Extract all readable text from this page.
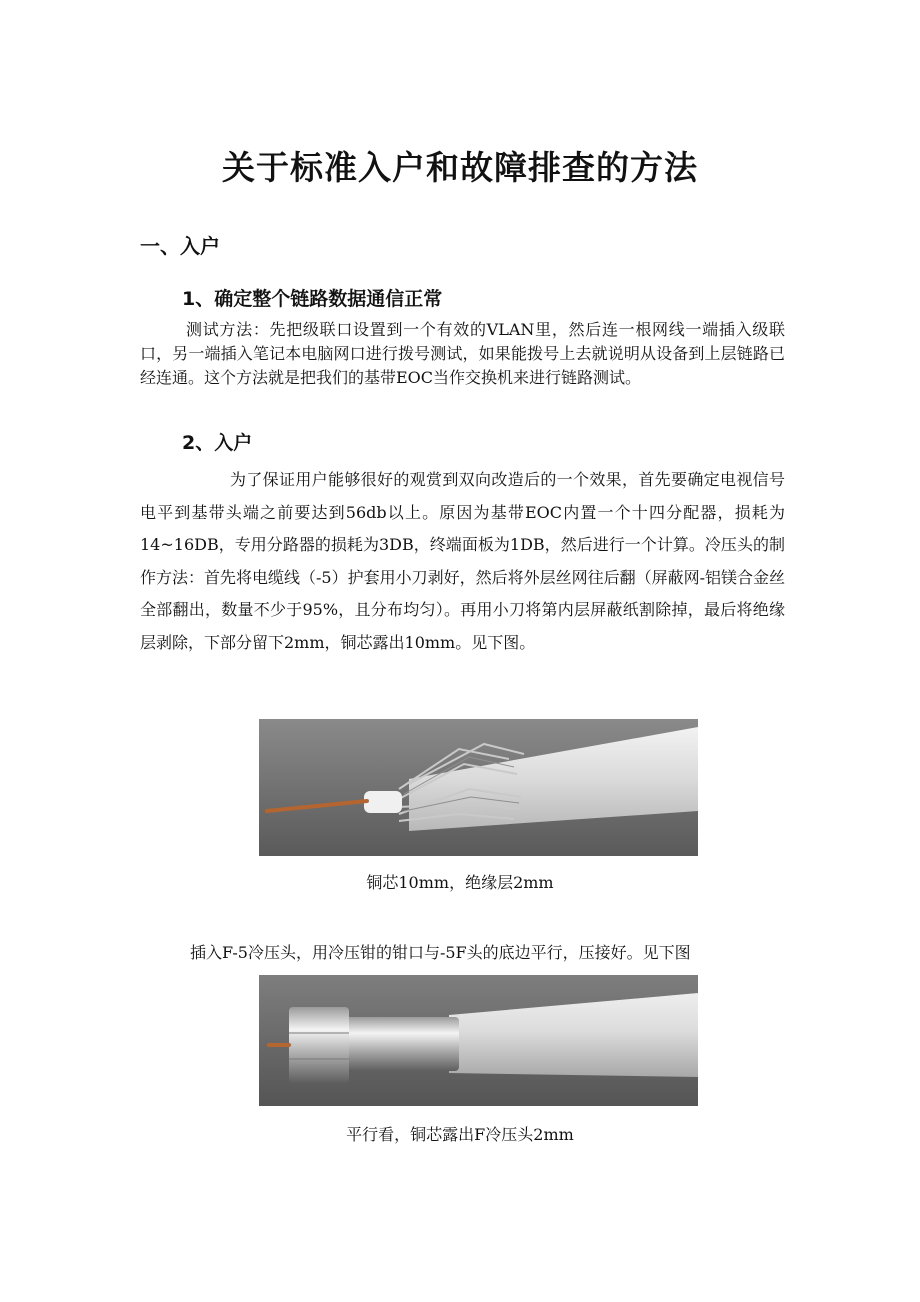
关于标准入户和故障排查的方法
一、入户
1、确定整个链路数据通信正常

测试方法：先把级联口设置到一个有效的VLAN里，然后连一根网线一端插入级联口，另一端插入笔记本电脑网口进行拨号测试，如果能拨号上去就说明从设备到上层链路已经连通。这个方法就是把我们的基带EOC当作交换机来进行链路测试。

2、入户

为了保证用户能够很好的观赏到双向改造后的一个效果，首先要确定电视信号电平到基带头端之前要达到56db以上。原因为基带EOC内置一个十四分配器，损耗为14~16DB，专用分路器的损耗为3DB，终端面板为1DB，然后进行一个计算。冷压头的制作方法：首先将电缆线（-5）护套用小刀剥好，然后将外层丝网往后翻（屏蔽网-铝镁合金丝全部翻出，数量不少于95%，且分布均匀）。再用小刀将第内层屏蔽纸割除掉，最后将绝缘层剥除，下部分留下2mm，铜芯露出10mm。见下图。

铜芯10mm，绝缘层2mm

插入F-5冷压头，用冷压钳的钳口与-5F头的底边平行，压接好。见下图

平行看，铜芯露出F冷压头2mm
